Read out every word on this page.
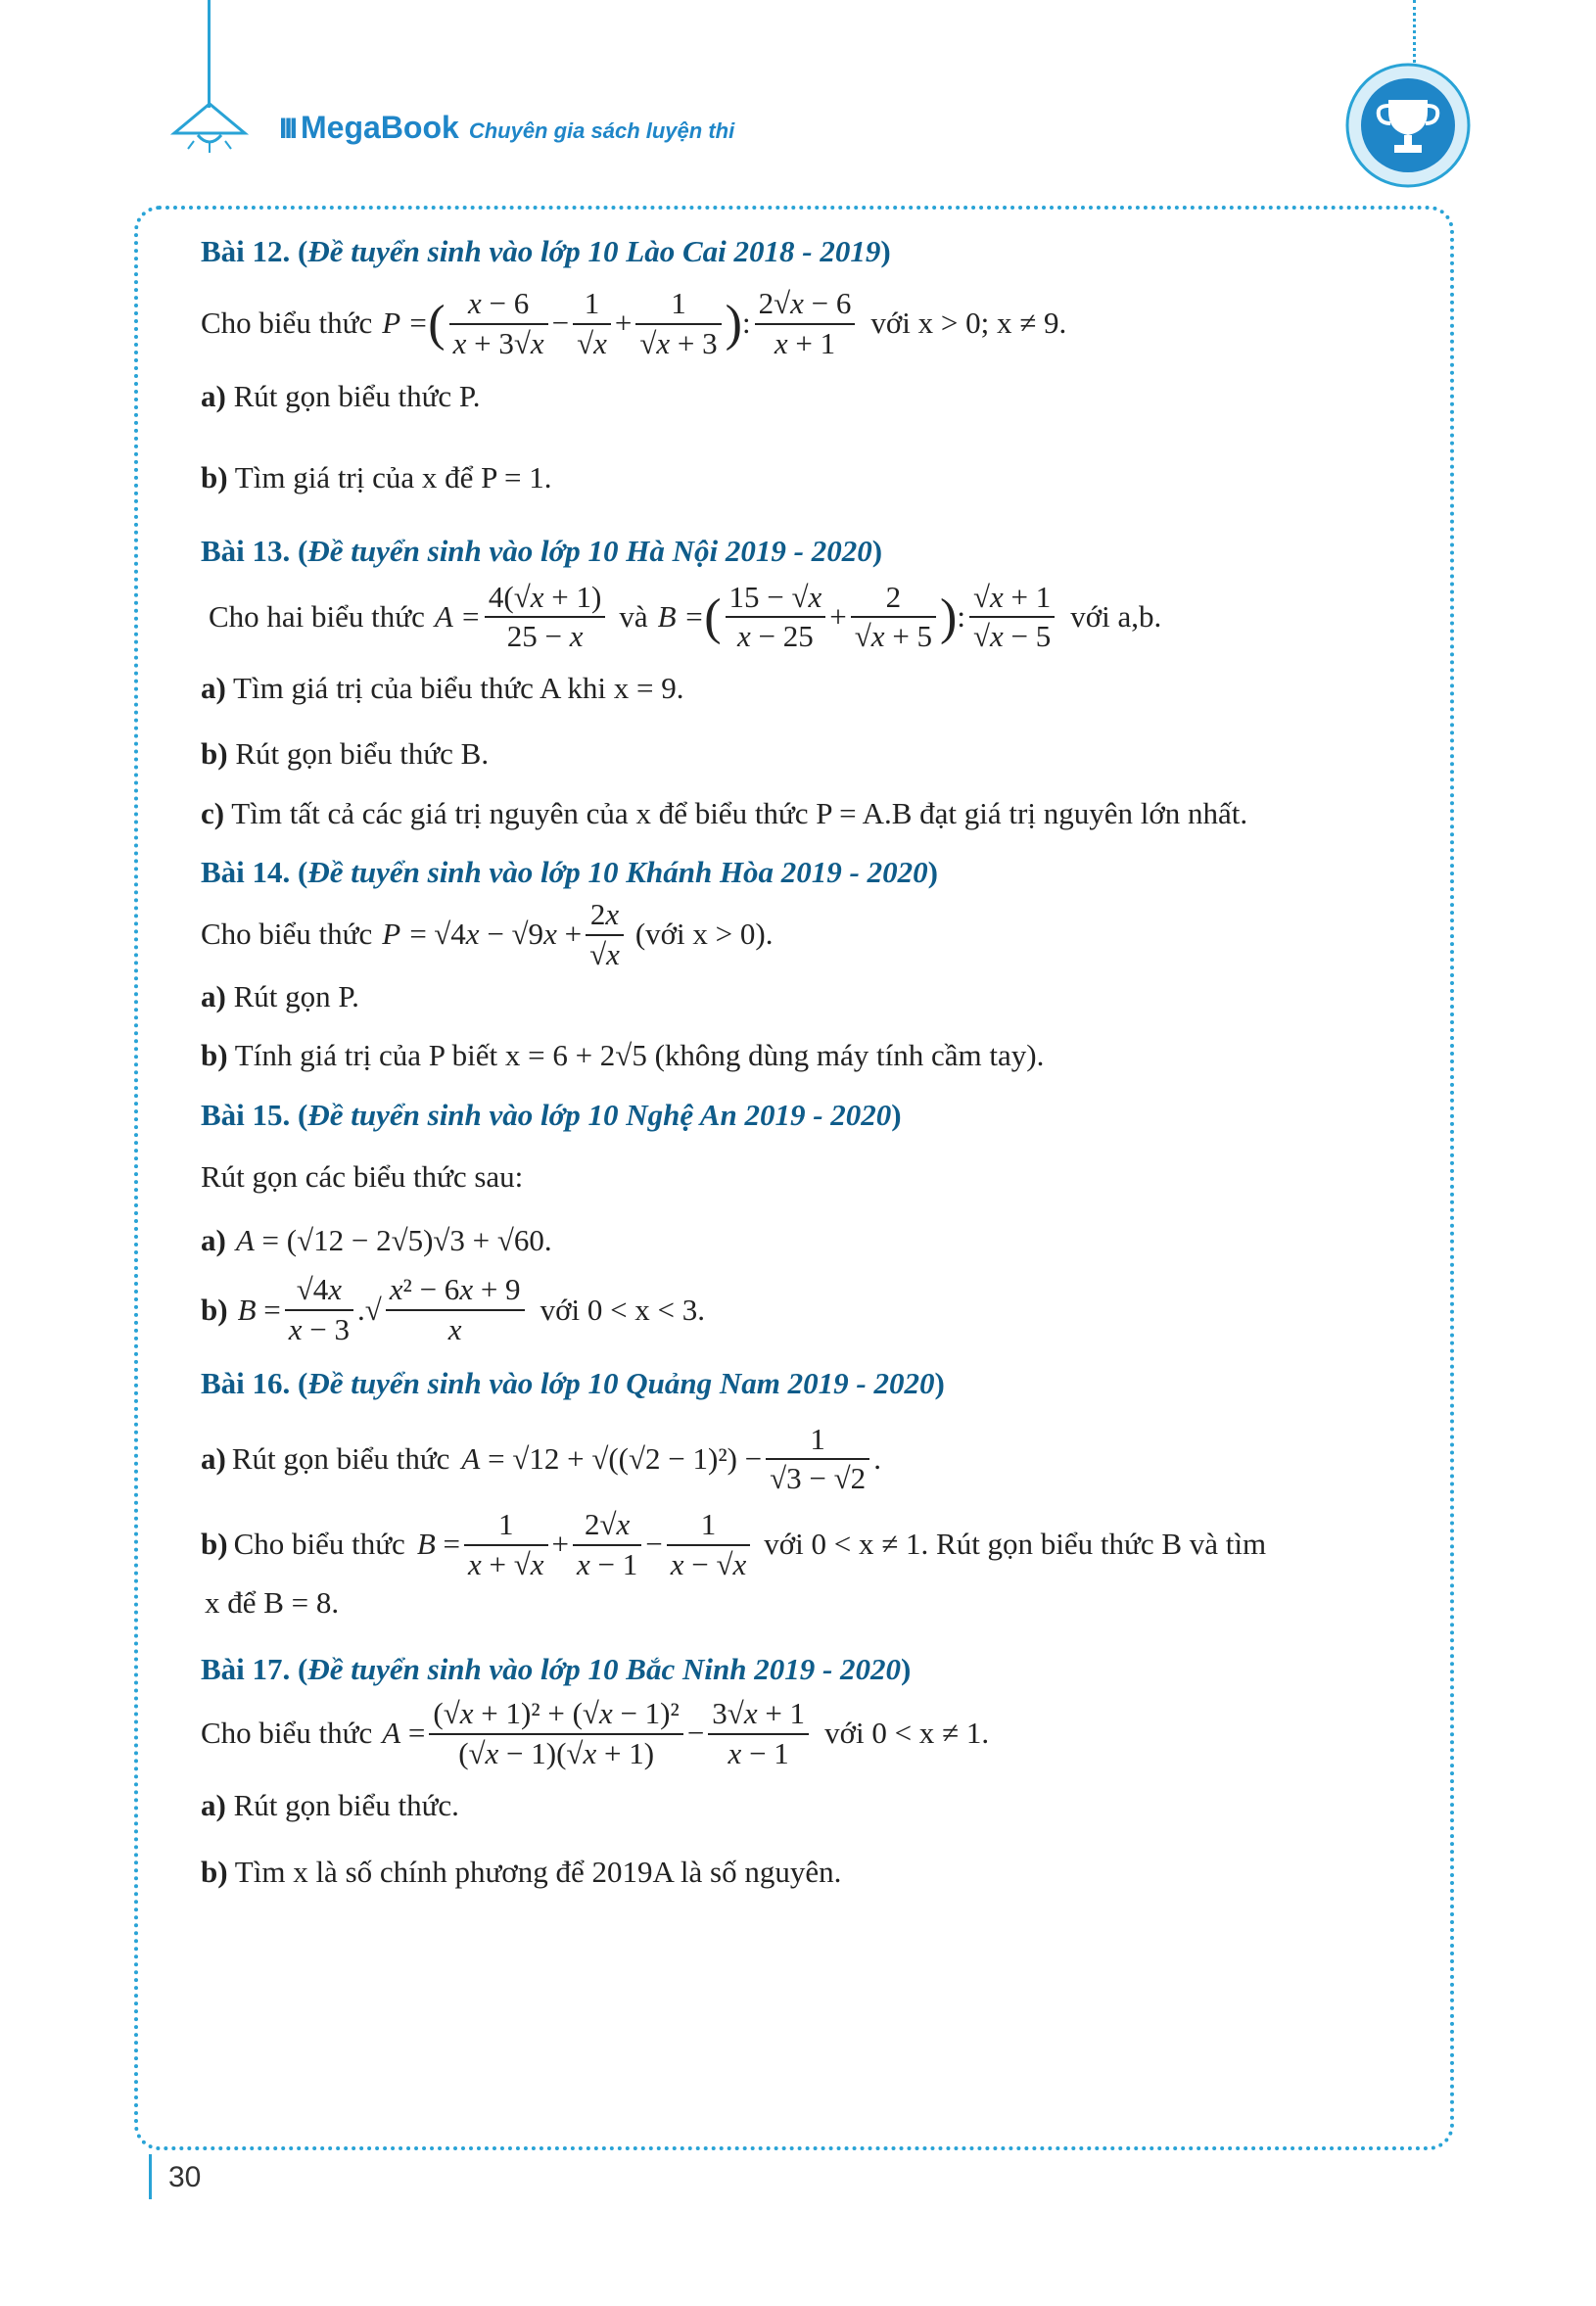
III MegaBook Chuyên gia sách luyện thi

Bài 12. (Đề tuyển sinh vào lớp 10 Lào Cai 2018 - 2019)

Cho biểu thức P = ( $\frac{x - 6}{x + 3√x} - \frac{1}{√x} + \frac{1}{√x + 3}$ ) : $\frac{2√x - 6}{x + 1}$ với x > 0; x ≠ 9.

a) Rút gọn biểu thức P.

b) Tìm giá trị của x để P = 1.

Bài 13. (Đề tuyển sinh vào lớp 10 Hà Nội 2019 - 2020)

Cho hai biểu thức $A = \frac{4(√x + 1)}{25 - x}$ và B = ( $\frac{15 - √x}{x - 25} + \frac{2}{√x + 5}$ ) : $\frac{√x + 1}{√x - 5}$ với a,b.

a) Tìm giá trị của biểu thức A khi x = 9.

b) Rút gọn biểu thức B.

c) Tìm tất cả các giá trị nguyên của x để biểu thức P = A.B đạt giá trị nguyên lớn nhất.

Bài 14. (Đề tuyển sinh vào lớp 10 Khánh Hòa 2019 - 2020)

Cho biểu thức $P = √4x - √9x + \frac{2x}{√x}$ (với x > 0).

a) Rút gọn P.

b) Tính giá trị của P biết x = 6 + 2√5 (không dùng máy tính cầm tay).

Bài 15. (Đề tuyển sinh vào lớp 10 Nghệ An 2019 - 2020)

Rút gọn các biểu thức sau:

a) A = (√12 − 2√5)√3 + √60.
b) $B = \frac{√4x}{x - 3}$ .√ $\frac{\text{x² − 6x + 9}}{x}$ với 0 < x < 3.

Bài 16. (Đề tuyển sinh vào lớp 10 Quảng Nam 2019 - 2020)

a) Rút gọn biểu thức $A = √12 + √((√2 - 1)^2) - \frac{1}{√3 - √2}$ .
b) Cho biểu thức $B = \frac{1}{x + √x} + \frac{2√x}{x - 1} - \frac{1}{x - √x}$ với 0 < x ≠ 1. Rút gọn biểu thức B và tìm

x để B = 8.

Bài 17. (Đề tuyển sinh vào lớp 10 Bắc Ninh 2019 - 2020)

Cho biểu thức $A = \frac{\text{(√x + 1)² + (√x − 1)²}}{(√x - 1)(√x + 1)} - \frac{3√x + 1}{x - 1}$ với 0 < x ≠ 1.

a) Rút gọn biểu thức.

b) Tìm x là số chính phương để 2019A là số nguyên.

30
